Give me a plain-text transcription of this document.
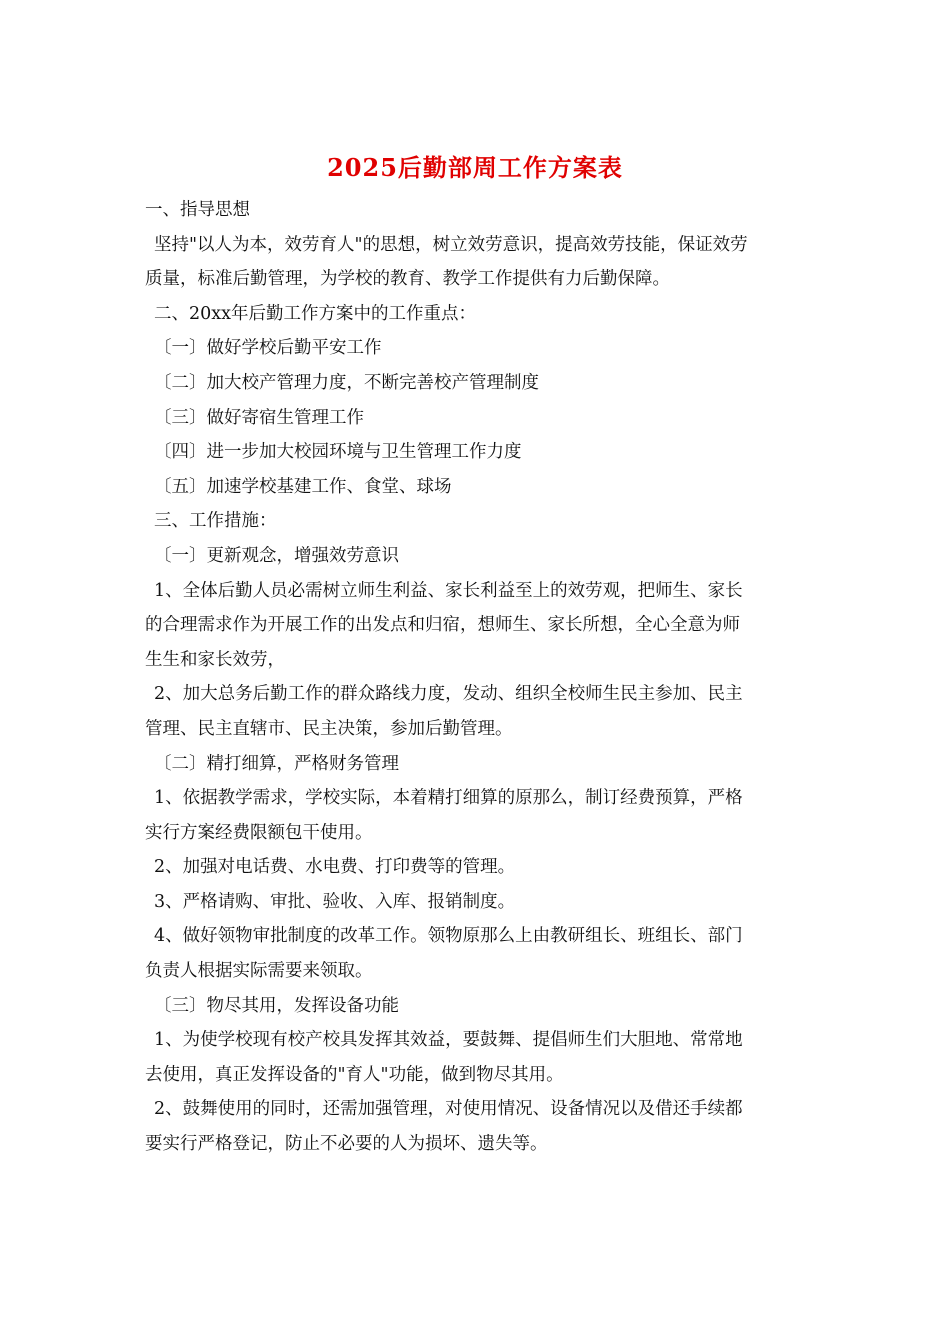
2025后勤部周工作方案表

一、指导思想

坚持"以人为本，效劳育人"的思想，树立效劳意识，提高效劳技能，保证效劳

质量，标准后勤管理，为学校的教育、教学工作提供有力后勤保障。

二、20xx年后勤工作方案中的工作重点：

〔一〕做好学校后勤平安工作

〔二〕加大校产管理力度，不断完善校产管理制度

〔三〕做好寄宿生管理工作

〔四〕进一步加大校园环境与卫生管理工作力度

〔五〕加速学校基建工作、食堂、球场

三、工作措施：

〔一〕更新观念，增强效劳意识

1、全体后勤人员必需树立师生利益、家长利益至上的效劳观，把师生、家长

的合理需求作为开展工作的出发点和归宿，想师生、家长所想，全心全意为师

生生和家长效劳，

2、加大总务后勤工作的群众路线力度，发动、组织全校师生民主参加、民主

管理、民主直辖市、民主决策，参加后勤管理。

〔二〕精打细算，严格财务管理

1、依据教学需求，学校实际，本着精打细算的原那么，制订经费预算，严格

实行方案经费限额包干使用。

2、加强对电话费、水电费、打印费等的管理。

3、严格请购、审批、验收、入库、报销制度。

4、做好领物审批制度的改革工作。领物原那么上由教研组长、班组长、部门

负责人根据实际需要来领取。

〔三〕物尽其用，发挥设备功能

1、为使学校现有校产校具发挥其效益，要鼓舞、提倡师生们大胆地、常常地

去使用，真正发挥设备的"育人"功能，做到物尽其用。

2、鼓舞使用的同时，还需加强管理，对使用情况、设备情况以及借还手续都

要实行严格登记，防止不必要的人为损坏、遗失等。
